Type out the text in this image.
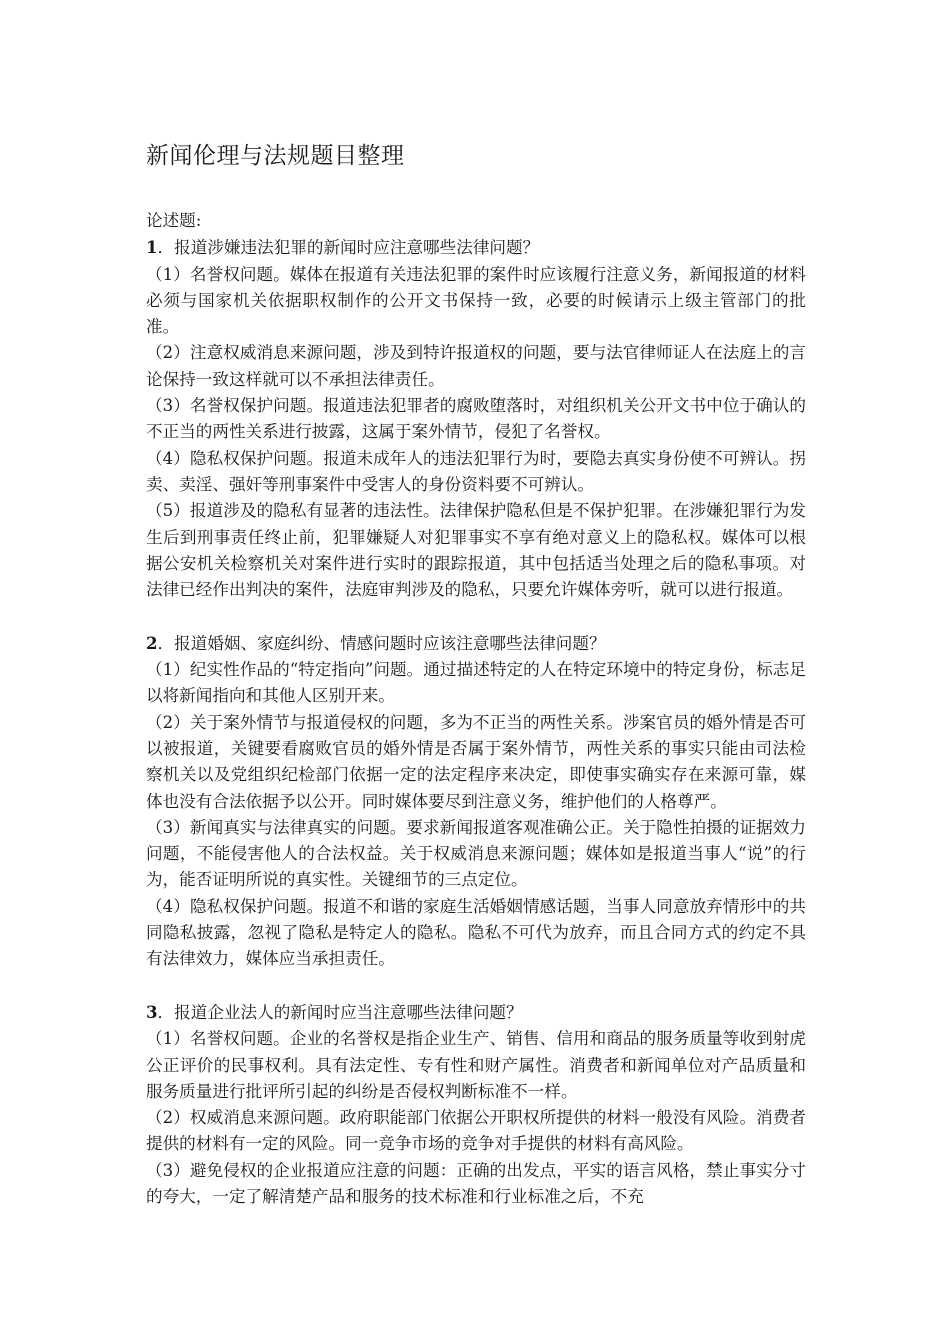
新闻伦理与法规题目整理

论述题:

1．报道涉嫌违法犯罪的新闻时应注意哪些法律问题？

（1）名誉权问题。媒体在报道有关违法犯罪的案件时应该履行注意义务，新闻报道的材料必须与国家机关依据职权制作的公开文书保持一致，必要的时候请示上级主管部门的批准。

（2）注意权威消息来源问题，涉及到特许报道权的问题，要与法官律师证人在法庭上的言论保持一致这样就可以不承担法律责任。

（3）名誉权保护问题。报道违法犯罪者的腐败堕落时，对组织机关公开文书中位于确认的不正当的两性关系进行披露，这属于案外情节，侵犯了名誉权。

（4）隐私权保护问题。报道未成年人的违法犯罪行为时，要隐去真实身份使不可辨认。拐卖、卖淫、强奸等刑事案件中受害人的身份资料要不可辨认。

（5）报道涉及的隐私有显著的违法性。法律保护隐私但是不保护犯罪。在涉嫌犯罪行为发生后到刑事责任终止前，犯罪嫌疑人对犯罪事实不享有绝对意义上的隐私权。媒体可以根据公安机关检察机关对案件进行实时的跟踪报道，其中包括适当处理之后的隐私事项。对法律已经作出判决的案件，法庭审判涉及的隐私，只要允许媒体旁听，就可以进行报道。

2．报道婚姻、家庭纠纷、情感问题时应该注意哪些法律问题？

（1）纪实性作品的“特定指向”问题。通过描述特定的人在特定环境中的特定身份，标志足以将新闻指向和其他人区别开来。

（2）关于案外情节与报道侵权的问题，多为不正当的两性关系。涉案官员的婚外情是否可以被报道，关键要看腐败官员的婚外情是否属于案外情节，两性关系的事实只能由司法检察机关以及党组织纪检部门依据一定的法定程序来决定，即使事实确实存在来源可靠，媒体也没有合法依据予以公开。同时媒体要尽到注意义务，维护他们的人格尊严。

（3）新闻真实与法律真实的问题。要求新闻报道客观准确公正。关于隐性拍摄的证据效力问题，不能侵害他人的合法权益。关于权威消息来源问题；媒体如是报道当事人“说”的行为，能否证明所说的真实性。关键细节的三点定位。

（4）隐私权保护问题。报道不和谐的家庭生活婚姻情感话题，当事人同意放弃情形中的共同隐私披露，忽视了隐私是特定人的隐私。隐私不可代为放弃，而且合同方式的约定不具有法律效力，媒体应当承担责任。

3．报道企业法人的新闻时应当注意哪些法律问题？

（1）名誉权问题。企业的名誉权是指企业生产、销售、信用和商品的服务质量等收到射虎公正评价的民事权利。具有法定性、专有性和财产属性。消费者和新闻单位对产品质量和服务质量进行批评所引起的纠纷是否侵权判断标准不一样。

（2）权威消息来源问题。政府职能部门依据公开职权所提供的材料一般没有风险。消费者提供的材料有一定的风险。同一竞争市场的竞争对手提供的材料有高风险。

（3）避免侵权的企业报道应注意的问题：正确的出发点，平实的语言风格，禁止事实分寸的夸大，一定了解清楚产品和服务的技术标准和行业标准之后，不充
